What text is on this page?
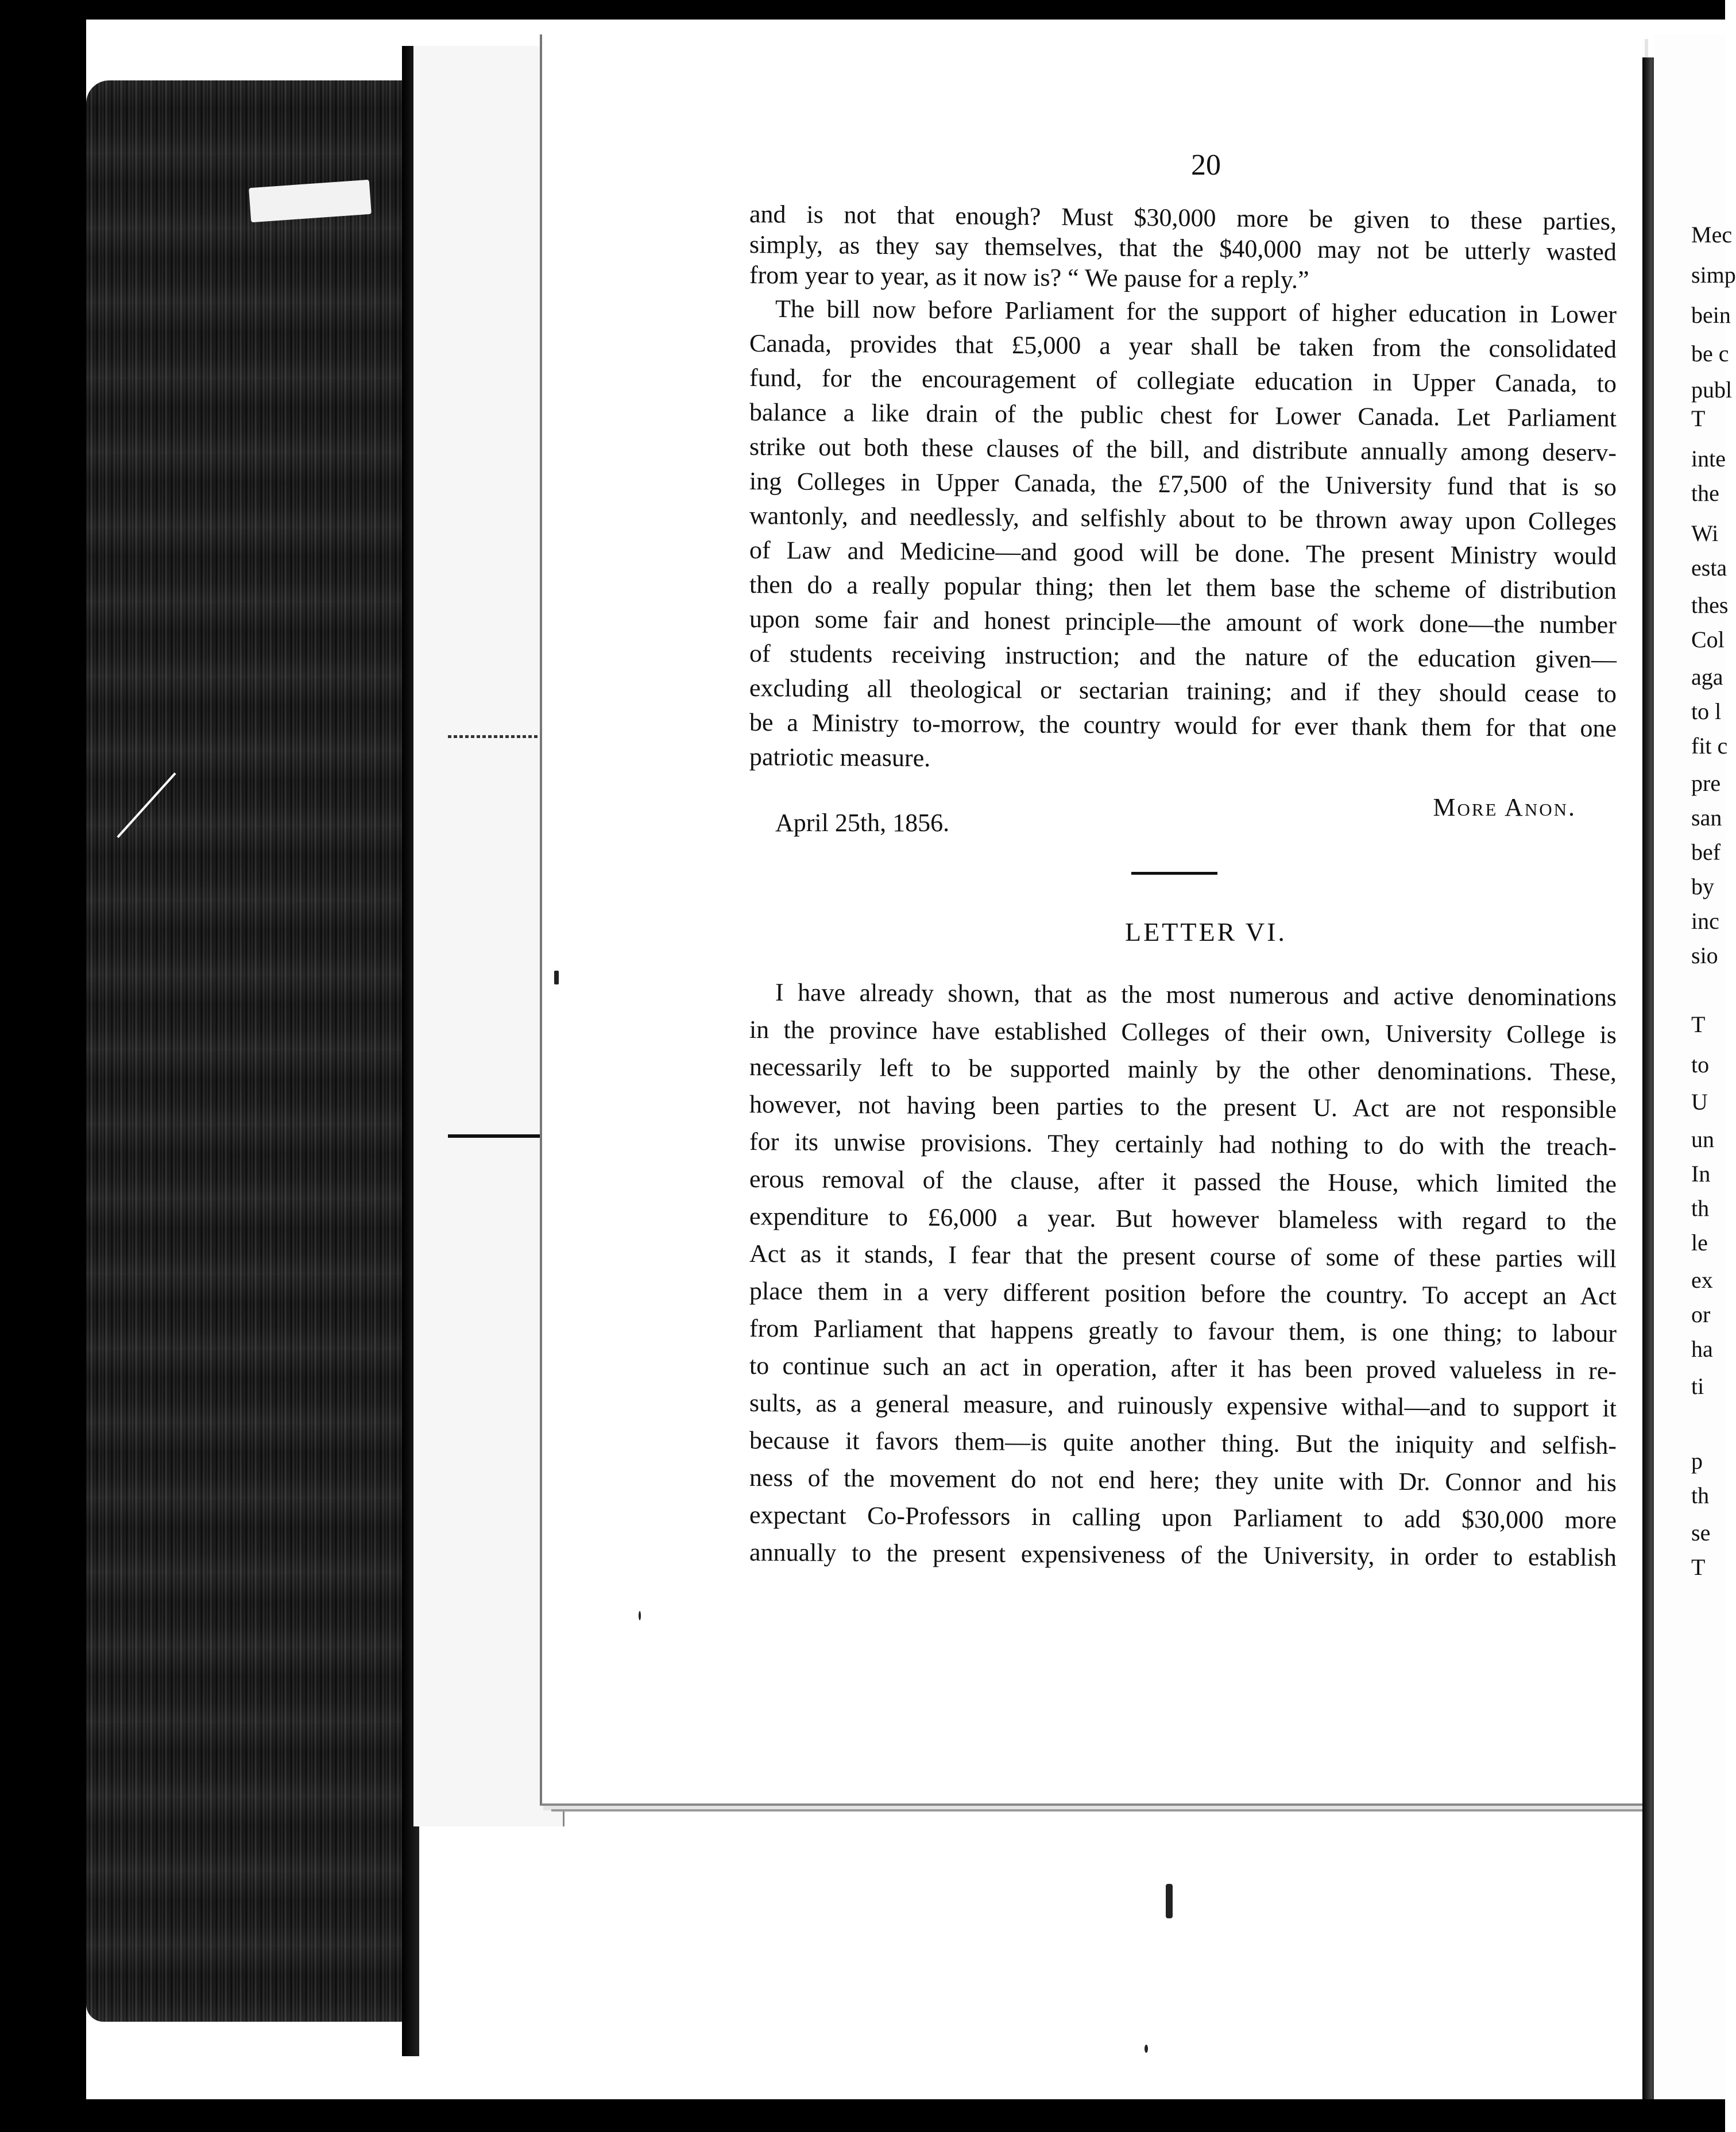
Mec
simp
bein
be c
publ
T
inte
the
Wi
esta
thes
Col
aga
to l
fit c
pre
san
bef
by
inc
sio
T
to
U
un
In
th
le
ex
or
ha
ti
p
th
se
T
20
and is not that enough? Must $30,000 more be given to these parties,
simply, as they say themselves, that the $40,000 may not be utterly wasted
from year to year, as it now is? “ We pause for a reply.”
The bill now before Parliament for the support of higher education in Lower
Canada, provides that £5,000 a year shall be taken from the consolidated
fund, for the encouragement of collegiate education in Upper Canada, to
balance a like drain of the public chest for Lower Canada. Let Parliament
strike out both these clauses of the bill, and distribute annually among deserv-
ing Colleges in Upper Canada, the £7,500 of the University fund that is so
wantonly, and needlessly, and selfishly about to be thrown away upon Colleges
of Law and Medicine—and good will be done. The present Ministry would
then do a really popular thing; then let them base the scheme of distribution
upon some fair and honest principle—the amount of work done—the number
of students receiving instruction; and the nature of the education given—
excluding all theological or sectarian training; and if they should cease to
be a Ministry to-morrow, the country would for ever thank them for that one
patriotic measure.
More Anon.
April 25th, 1856.
LETTER VI.
I have already shown, that as the most numerous and active denominations
in the province have established Colleges of their own, University College is
necessarily left to be supported mainly by the other denominations. These,
however, not having been parties to the present U. Act are not responsible
for its unwise provisions. They certainly had nothing to do with the treach-
erous removal of the clause, after it passed the House, which limited the
expenditure to £6,000 a year. But however blameless with regard to the
Act as it stands, I fear that the present course of some of these parties will
place them in a very different position before the country. To accept an Act
from Parliament that happens greatly to favour them, is one thing; to labour
to continue such an act in operation, after it has been proved valueless in re-
sults, as a general measure, and ruinously expensive withal—and to support it
because it favors them—is quite another thing. But the iniquity and selfish-
ness of the movement do not end here; they unite with Dr. Connor and his
expectant Co-Professors in calling upon Parliament to add $30,000 more
annually to the present expensiveness of the University, in order to establish
